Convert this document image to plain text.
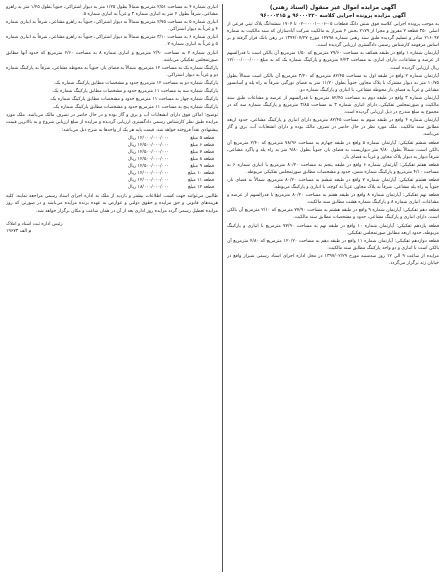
آگهی مزایده اموال غیر منقول (اسناد رهنی)

آگهی مزایده پرونده اجرایی کلاسه ۹۶۰۰۰۲۲۰ و ۹۶۰۰۰۲۱۵

به موجب پرونده اجرایی کلاسه فوق شش دانگ قطعات ۰۵-۰۰۶-۰۰۰۰۱-۰۲ تا ۱۷۰۴ ششدانگ پلاک ثبتی فرعی از اصلی ۳۵۰ قطعه ۲ مفروز و مجزا از ۲۱۷۹ بخش ۲ شیراز به مالکیت شرکت آبادسازان که سند مالکیت به شماره ۲۱۶۰۹۷ صادر و تسلیم گردیده طبق سند رهنی شماره ۱۴۷۹۸ مورخ ۱۳۹۴/۰۷/۲۷ در رهن بانک قرار گرفته و بر اساس مرقومه کارشناس رسمی دادگستری ارزیابی گردیده است.

آپارتمان شماره ۱ واقع در طبقه همکف به مساحت ۷۹/۶۰ مترمربع که ۱/۵۰ مترمربع آن بالکن است با قدرالسهم از عرصه و مشاعات، دارای انباری به مساحت ۴/۲۳ مترمربع و پارکینگ شماره یک که به مبلغ ۱۲/۰۰۰/۰۰۰/۰۰۰ ریال ارزیابی گردیده است.

آپارتمان شماره ۲ واقع در طبقه اول به مساحت ۸۲/۴۵ مترمربع که ۳/۲۰ مترمربع آن بالکن است شمالاً بطول ۱۰/۷۵ متر به دیوار مشترک با پلاک مجاور، جنوباً بطول ۱۱/۲۰ متر به فضای نورگیر، شرقاً به راه پله و آسانسور مشاعی و غرباً به فضای باز محوطه مشاعی، با انباری و پارکینگ شماره دو.

آپارتمان شماره ۳ واقع در طبقه دوم به مساحت ۸۲/۴۵ مترمربع با قدرالسهم از عرصه و مشاعات طبق سند مالکیت و صورتمجلس تفکیکی، دارای انباری شماره ۳ به مساحت ۳/۸۵ مترمربع و پارکینگ شماره سه که در مجموع به مبلغ مندرج در ذیل ارزیابی گردیده است.

آپارتمان شماره ۴ واقع در طبقه سوم به مساحت ۸۲/۴۵ مترمربع دارای انباری و پارکینگ مشاعی، حدود اربعه مطابق سند مالکیت. ملک مورد نظر در حال حاضر در تصرف مالک بوده و دارای انشعابات آب، برق و گاز می‌باشد.

قطعه ششم تفکیکی: آپارتمان شماره ۵ واقع در طبقه چهارم به مساحت ۷۸/۹۶ مترمربع که ۲/۴۰ مترمربع آن بالکن است، شمالاً بطول ۹/۸۰ متر دیواریست به فضای باز، جنوباً بطول ۹/۸۰ متر به راه پله و پاگرد مشاعی، شرقاً دیوار به دیوار پلاک مجاور و غرباً به فضای باز.

قطعه هفتم تفکیکی: آپارتمان شماره ۶ واقع در طبقه پنجم به مساحت ۸۰/۲۰ مترمربع با انباری شماره ۶ به مساحت ۴/۱۰ مترمربع و پارکینگ شماره شش، حدود و مشخصات مطابق صورتمجلس تفکیکی مربوطه.

قطعه هشتم تفکیکی: آپارتمان شماره ۷ واقع در طبقه ششم به مساحت ۸۰/۲۰ مترمربع، شمالاً به فضای باز، جنوباً به راه پله مشاعی، شرقاً به پلاک مجاور، غرباً به کوچه، با انباری و پارکینگ مربوطه.

قطعه نهم تفکیکی: آپارتمان شماره ۸ واقع در طبقه هفتم به مساحت ۸۰/۲۰ مترمربع با قدرالسهم از عرصه و مشاعات، انباری شماره ۸ و پارکینگ شماره هشت مطابق سند مالکیت.

قطعه دهم تفکیکی: آپارتمان شماره ۹ واقع در طبقه هشتم به مساحت ۷۷/۹۰ مترمربع که ۲/۱۰ مترمربع آن بالکن است، دارای انباری و پارکینگ مشاعی، حدود و مشخصات مطابق سند مالکیت.

قطعه یازدهم تفکیکی: آپارتمان شماره ۱۰ واقع در طبقه نهم به مساحت ۷۷/۹۰ مترمربع با انباری و پارکینگ مربوطه، حدود اربعه مطابق صورتمجلس تفکیکی.

قطعه دوازدهم تفکیکی: آپارتمان شماره ۱۱ واقع در طبقه دهم به مساحت ۱۲۰/۲۰ مترمربع که ۴/۸۰ مترمربع آن بالکن است با انباری و دو واحد پارکینگ مطابق سند مالکیت.

مزایده از ساعت ۹ الی ۱۲ روز سه‌شنبه مورخ ۱۳۹۷/۰۲/۲۹ در محل اداره اجرای اسناد رسمی شیراز واقع در خیابان زند برگزار می‌گردد.

انباری شماره ۴ به مساحت ۲/۵۱ مترمربع شمالاً بطول ۱/۲۵ متر به دیوار اشتراکی، جنوباً بطول ۱/۲۵ متر به راهرو مشاعی، شرقاً بطول ۲ متر به انباری شماره ۳ و غرباً به انباری شماره ۵.

انباری شماره ۵ به مساحت ۲/۷۵ مترمربع شمالاً به دیوار اشتراکی، جنوباً به راهرو مشاعی، شرقاً به انباری شماره ۴ و غرباً به دیوار اشتراکی.

انباری شماره ۶ به مساحت ۳/۱۰ مترمربع شمالاً به دیوار اشتراکی، جنوباً به راهرو مشاعی، شرقاً به انباری شماره ۵ و غرباً به انباری شماره ۷.

انباری شماره ۷ به مساحت ۲/۹۰ مترمربع و انباری شماره ۸ به مساحت ۲/۶۰ مترمربع که حدود آنها مطابق صورتمجلس تفکیکی می‌باشد.

پارکینگ شماره یک به مساحت ۱۲ مترمربع، شمالاً به فضای باز، جنوباً به محوطه مشاعی، شرقاً به پارکینگ شماره دو و غرباً به دیوار اشتراکی.

پارکینگ شماره دو به مساحت ۱۲ مترمربع حدود و مشخصات مطابق پارکینگ شماره یک.

پارکینگ شماره سه به مساحت ۱۱ مترمربع حدود و مشخصات مطابق پارکینگ شماره یک.

پارکینگ شماره چهار به مساحت ۱۱ مترمربع حدود و مشخصات مطابق پارکینگ شماره یک.

پارکینگ شماره پنج به مساحت ۱۱ مترمربع حدود و مشخصات مطابق پارکینگ شماره یک.

توضیح: اماکن فوق دارای انشعابات آب و برق و گاز بوده و در حال حاضر در تصرف مالک می‌باشد. ملک مورد مزایده طبق نظر کارشناس رسمی دادگستری ارزیابی گردیده و مزایده از مبلغ ارزیابی شروع و به بالاترین قیمت پیشنهادی نقداً فروخته خواهد شد. قیمت پایه هر یک از واحدها به شرح ذیل می‌باشد:

قطعه ۵ مبلغ
۱۲/۰۰۰/۰۰۰/۰۰۰ ریال
قطعه ۶ مبلغ
۱۲/۵۰۰/۰۰۰/۰۰۰ ریال
قطعه ۷ مبلغ
۱۲/۵۰۰/۰۰۰/۰۰۰ ریال
قطعه ۸ مبلغ
۱۲/۵۰۰/۰۰۰/۰۰۰ ریال
قطعه ۹ مبلغ
۱۲/۵۰۰/۰۰۰/۰۰۰ ریال
قطعه ۱۰ مبلغ
۱۲/۰۰۰/۰۰۰/۰۰۰ ریال
قطعه ۱۱ مبلغ
۱۲/۰۰۰/۰۰۰/۰۰۰ ریال
قطعه ۱۲ مبلغ
۱۸/۰۰۰/۰۰۰/۰۰۰ ریال

طالبین می‌توانند جهت کسب اطلاعات بیشتر و بازدید از ملک به اداره اجرای اسناد رسمی مراجعه نمایند. کلیه هزینه‌های قانونی و حق مزایده و حقوق دولتی و عوارض به عهده برنده مزایده می‌باشد و در صورتی که روز مزایده تعطیل رسمی گردد مزایده روز اداری بعد از آن در همان ساعت و مکان برگزار خواهد شد.

رئیس اداره ثبت اسناد و املاک
م الف ۱۹۶۷۳
